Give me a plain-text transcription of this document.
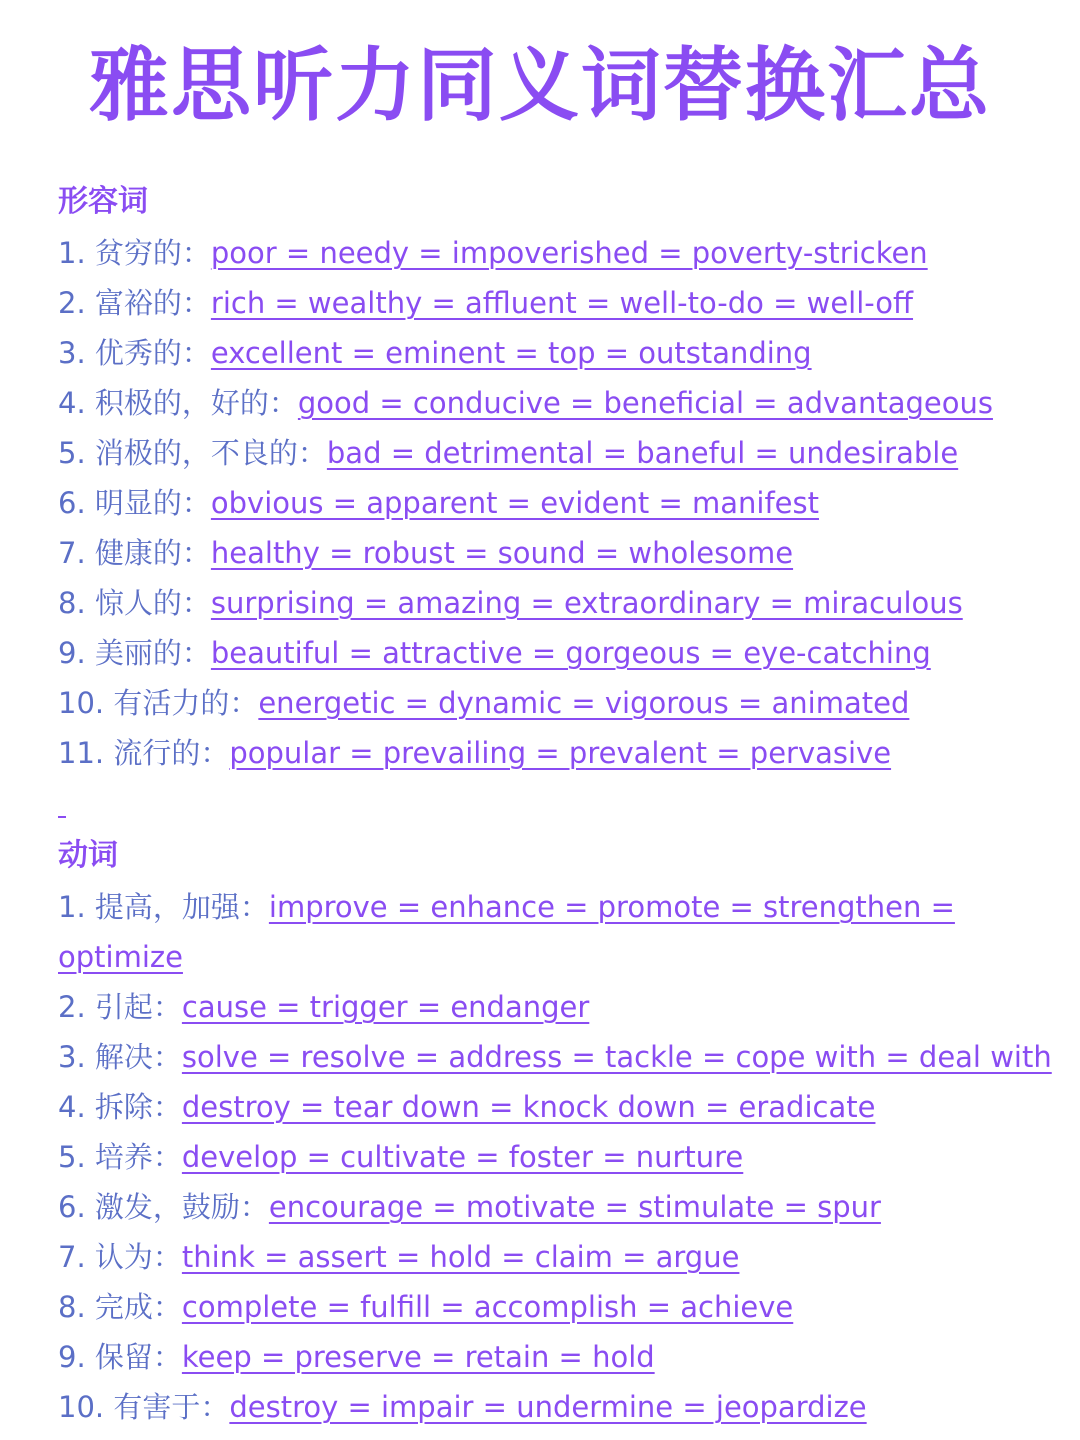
雅思听力同义词替换汇总
形容词
1. 贫穷的：poor = needy = impoverished = poverty-stricken
2. 富裕的：rich = wealthy = affluent = well-to-do = well-off
3. 优秀的：excellent = eminent = top = outstanding
4. 积极的，好的：good = conducive = beneficial = advantageous
5. 消极的，不良的：bad = detrimental = baneful = undesirable
6. 明显的：obvious = apparent = evident = manifest
7. 健康的：healthy = robust = sound = wholesome
8. 惊人的：surprising = amazing = extraordinary = miraculous
9. 美丽的：beautiful = attractive = gorgeous = eye-catching
10. 有活力的：energetic = dynamic = vigorous = animated
11. 流行的：popular = prevailing = prevalent = pervasive
动词
1. 提高，加强：improve = enhance = promote = strengthen =
optimize
2. 引起：cause = trigger = endanger
3. 解决：solve = resolve = address = tackle = cope with = deal with
4. 拆除：destroy = tear down = knock down = eradicate
5. 培养：develop = cultivate = foster = nurture
6. 激发，鼓励：encourage = motivate = stimulate = spur
7. 认为：think = assert = hold = claim = argue
8. 完成：complete = fulfill = accomplish = achieve
9. 保留：keep = preserve = retain = hold
10. 有害于：destroy = impair = undermine = jeopardize
